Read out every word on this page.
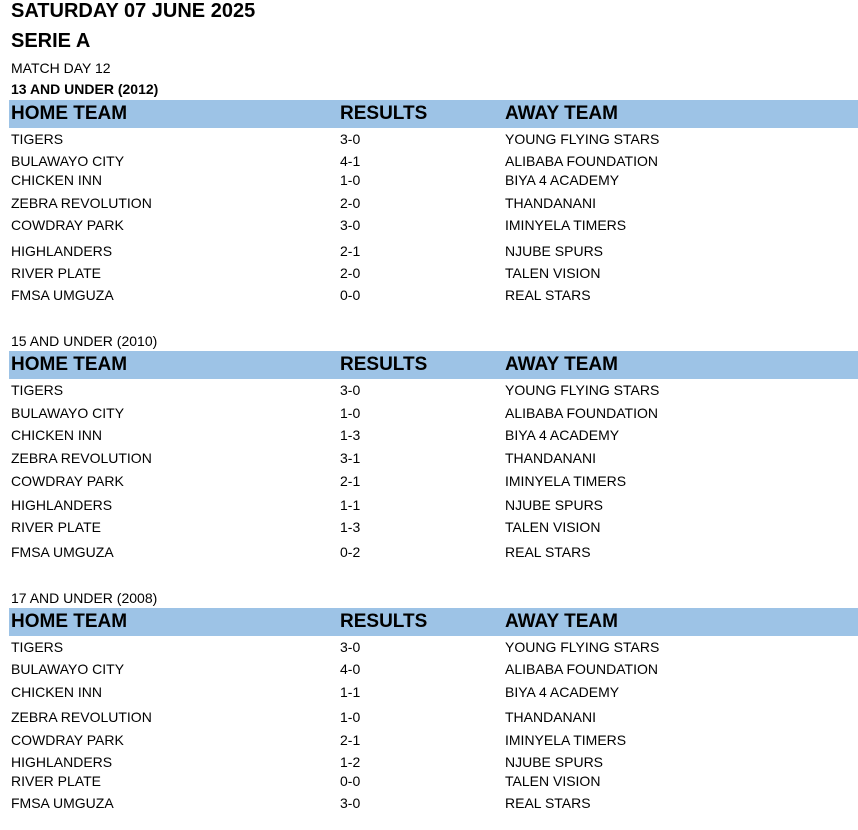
SATURDAY 07 JUNE 2025
SERIE A
MATCH DAY 12
13 AND UNDER (2012)
HOME TEAM	RESULTS	AWAY TEAM
TIGERS	3-0	YOUNG FLYING STARS
BULAWAYO CITY	4-1	ALIBABA FOUNDATION
CHICKEN INN	1-0	BIYA 4 ACADEMY
ZEBRA REVOLUTION	2-0	THANDANANI
COWDRAY PARK	3-0	IMINYELA TIMERS
HIGHLANDERS	2-1	NJUBE SPURS
RIVER PLATE	2-0	TALEN VISION
FMSA UMGUZA	0-0	REAL STARS
15 AND UNDER (2010)
HOME TEAM	RESULTS	AWAY TEAM
TIGERS	3-0	YOUNG FLYING STARS
BULAWAYO CITY	1-0	ALIBABA FOUNDATION
CHICKEN INN	1-3	BIYA 4 ACADEMY
ZEBRA REVOLUTION	3-1	THANDANANI
COWDRAY PARK	2-1	IMINYELA TIMERS
HIGHLANDERS	1-1	NJUBE SPURS
RIVER PLATE	1-3	TALEN VISION
FMSA UMGUZA	0-2	REAL STARS
17 AND UNDER (2008)
HOME TEAM	RESULTS	AWAY TEAM
TIGERS	3-0	YOUNG FLYING STARS
BULAWAYO CITY	4-0	ALIBABA FOUNDATION
CHICKEN INN	1-1	BIYA 4 ACADEMY
ZEBRA REVOLUTION	1-0	THANDANANI
COWDRAY PARK	2-1	IMINYELA TIMERS
HIGHLANDERS	1-2	NJUBE SPURS
RIVER PLATE	0-0	TALEN VISION
FMSA UMGUZA	3-0	REAL STARS
